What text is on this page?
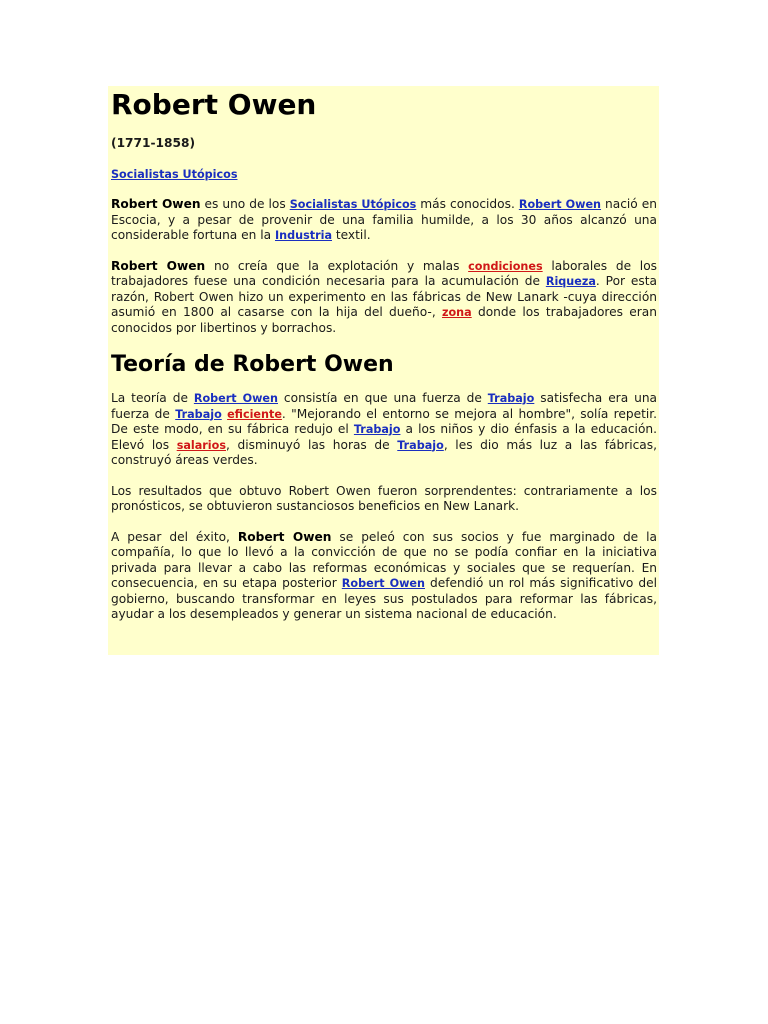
Robert Owen

(1771-1858)

Socialistas Utópicos

Robert Owen es uno de los Socialistas Utópicos más conocidos. Robert Owen nació en Escocia, y a pesar de provenir de una familia humilde, a los 30 años alcanzó una considerable fortuna en la Industria textil.

Robert Owen no creía que la explotación y malas condiciones laborales de los trabajadores fuese una condición necesaria para la acumulación de Riqueza. Por esta razón, Robert Owen hizo un experimento en las fábricas de New Lanark -cuya dirección asumió en 1800 al casarse con la hija del dueño-, zona donde los trabajadores eran conocidos por libertinos y borrachos.

Teoría de Robert Owen

La teoría de Robert Owen consistía en que una fuerza de Trabajo satisfecha era una fuerza de Trabajo eficiente. "Mejorando el entorno se mejora al hombre", solía repetir. De este modo, en su fábrica redujo el Trabajo a los niños y dio énfasis a la educación. Elevó los salarios, disminuyó las horas de Trabajo, les dio más luz a las fábricas, construyó áreas verdes.

Los resultados que obtuvo Robert Owen fueron sorprendentes: contrariamente a los pronósticos, se obtuvieron sustanciosos beneficios en New Lanark.

A pesar del éxito, Robert Owen se peleó con sus socios y fue marginado de la compañía, lo que lo llevó a la convicción de que no se podía confiar en la iniciativa privada para llevar a cabo las reformas económicas y sociales que se requerían. En consecuencia, en su etapa posterior Robert Owen defendió un rol más significativo del gobierno, buscando transformar en leyes sus postulados para reformar las fábricas, ayudar a los desempleados y generar un sistema nacional de educación.
